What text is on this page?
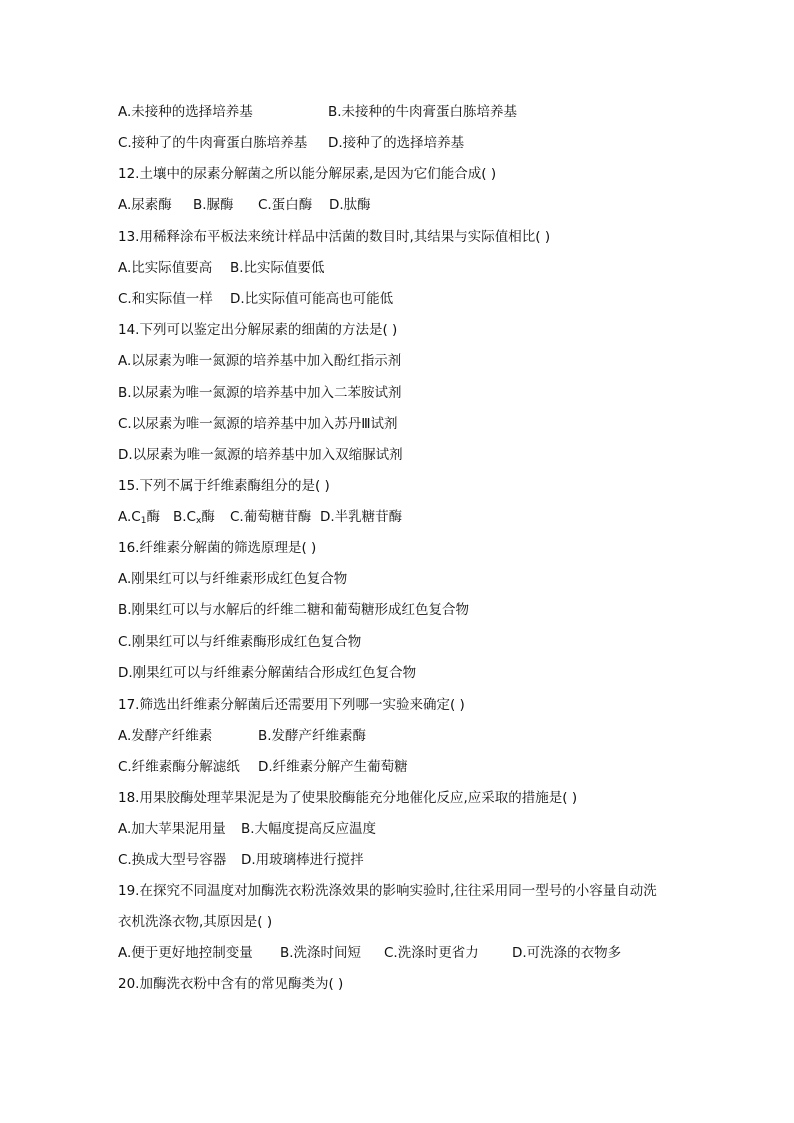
A.未接种的选择培养基	B.未接种的牛肉膏蛋白胨培养基
C.接种了的牛肉膏蛋白胨培养基 D.接种了的选择培养基
12.土壤中的尿素分解菌之所以能分解尿素,是因为它们能合成( )
A.尿素酶 B.脲酶 C.蛋白酶 D.肽酶
13.用稀释涂布平板法来统计样品中活菌的数目时,其结果与实际值相比( )
A.比实际值要高 B.比实际值要低
C.和实际值一样 D.比实际值可能高也可能低
14.下列可以鉴定出分解尿素的细菌的方法是( )
A.以尿素为唯一氮源的培养基中加入酚红指示剂
B.以尿素为唯一氮源的培养基中加入二苯胺试剂
C.以尿素为唯一氮源的培养基中加入苏丹Ⅲ试剂
D.以尿素为唯一氮源的培养基中加入双缩脲试剂
15.下列不属于纤维素酶组分的是( )
$A.C_1$酶 $B.C_x$酶 C.葡萄糖苷酶 D.半乳糖苷酶
16.纤维素分解菌的筛选原理是( )
A.刚果红可以与纤维素形成红色复合物
B.刚果红可以与水解后的纤维二糖和葡萄糖形成红色复合物
C.刚果红可以与纤维素酶形成红色复合物
D.刚果红可以与纤维素分解菌结合形成红色复合物
17.筛选出纤维素分解菌后还需要用下列哪一实验来确定( )
A.发酵产纤维素	B.发酵产纤维素酶
C.纤维素酶分解滤纸 D.纤维素分解产生葡萄糖
18.用果胶酶处理苹果泥是为了使果胶酶能充分地催化反应,应采取的措施是( )
A.加大苹果泥用量 B.大幅度提高反应温度
C.换成大型号容器 D.用玻璃棒进行搅拌
19.在探究不同温度对加酶洗衣粉洗涤效果的影响实验时,往往采用同一型号的小容量自动洗
衣机洗涤衣物,其原因是( )
A.便于更好地控制变量 B.洗涤时间短 C.洗涤时更省力 D.可洗涤的衣物多
20.加酶洗衣粉中含有的常见酶类为( )
